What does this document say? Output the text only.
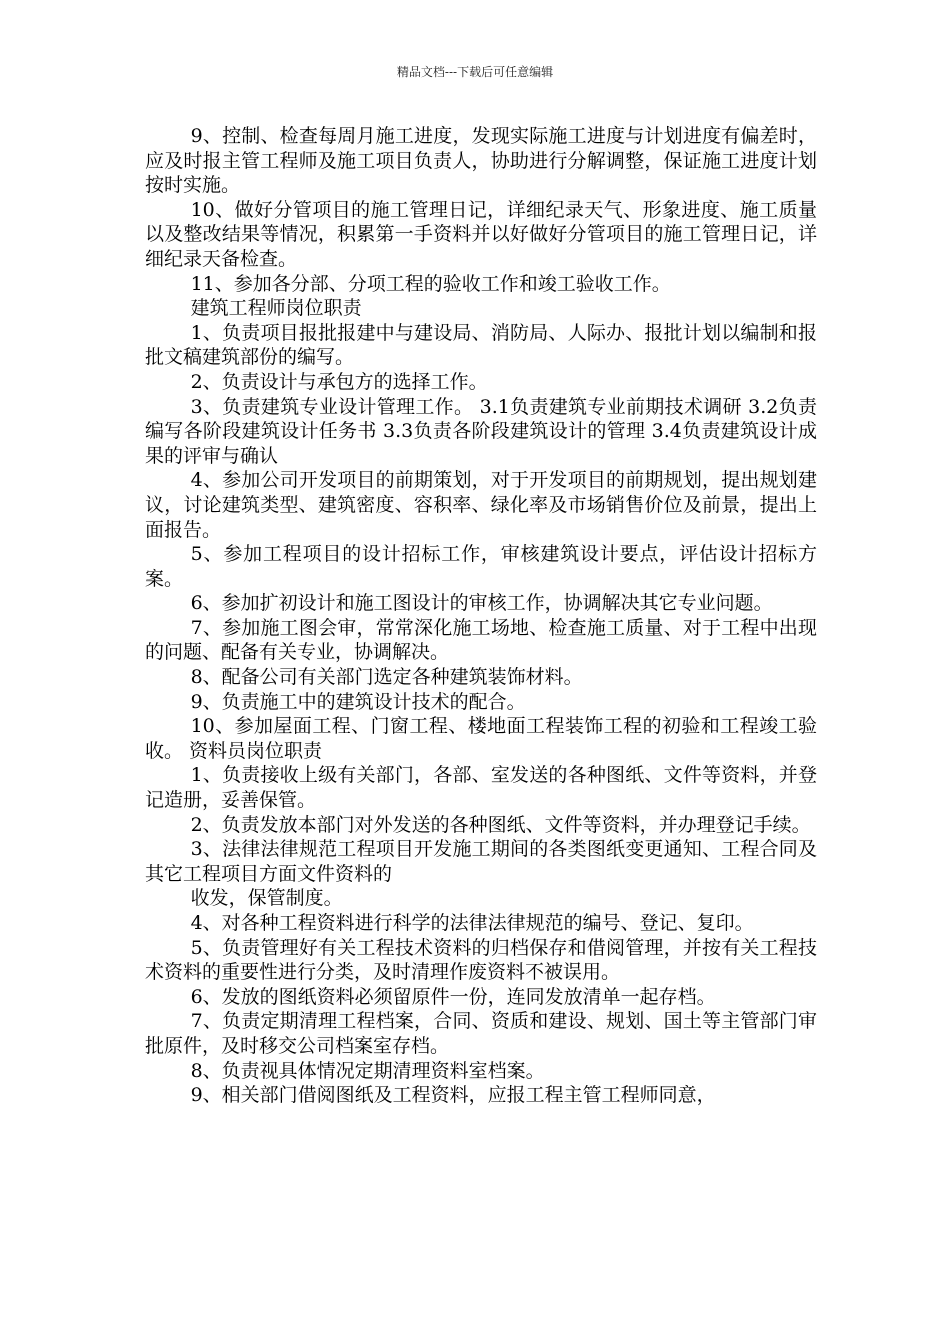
精品文档---下载后可任意编辑

9、控制、检查每周月施工进度，发现实际施工进度与计划进度有偏差时，应及时报主管工程师及施工项目负责人，协助进行分解调整，保证施工进度计划按时实施。

10、做好分管项目的施工管理日记，详细纪录天气、形象进度、施工质量以及整改结果等情况，积累第一手资料并以好做好分管项目的施工管理日记，详细纪录天备检查。

11、参加各分部、分项工程的验收工作和竣工验收工作。

建筑工程师岗位职责

1、负责项目报批报建中与建设局、消防局、人际办、报批计划以编制和报批文稿建筑部份的编写。

2、负责设计与承包方的选择工作。

3、负责建筑专业设计管理工作。 3.1负责建筑专业前期技术调研 3.2负责编写各阶段建筑设计任务书 3.3负责各阶段建筑设计的管理 3.4负责建筑设计成果的评审与确认

4、参加公司开发项目的前期策划，对于开发项目的前期规划，提出规划建议，讨论建筑类型、建筑密度、容积率、绿化率及市场销售价位及前景，提出上面报告。

5、参加工程项目的设计招标工作，审核建筑设计要点，评估设计招标方案。

6、参加扩初设计和施工图设计的审核工作，协调解决其它专业问题。

7、参加施工图会审，常常深化施工场地、检查施工质量、对于工程中出现的问题、配备有关专业，协调解决。

8、配备公司有关部门选定各种建筑装饰材料。

9、负责施工中的建筑设计技术的配合。

10、参加屋面工程、门窗工程、楼地面工程装饰工程的初验和工程竣工验收。 资料员岗位职责

1、负责接收上级有关部门，各部、室发送的各种图纸、文件等资料，并登记造册，妥善保管。

2、负责发放本部门对外发送的各种图纸、文件等资料，并办理登记手续。

3、法律法律规范工程项目开发施工期间的各类图纸变更通知、工程合同及其它工程项目方面文件资料的

收发，保管制度。

4、对各种工程资料进行科学的法律法律规范的编号、登记、复印。

5、负责管理好有关工程技术资料的归档保存和借阅管理，并按有关工程技术资料的重要性进行分类，及时清理作废资料不被误用。

6、发放的图纸资料必须留原件一份，连同发放清单一起存档。

7、负责定期清理工程档案，合同、资质和建设、规划、国土等主管部门审批原件，及时移交公司档案室存档。

8、负责视具体情况定期清理资料室档案。

9、相关部门借阅图纸及工程资料，应报工程主管工程师同意，
